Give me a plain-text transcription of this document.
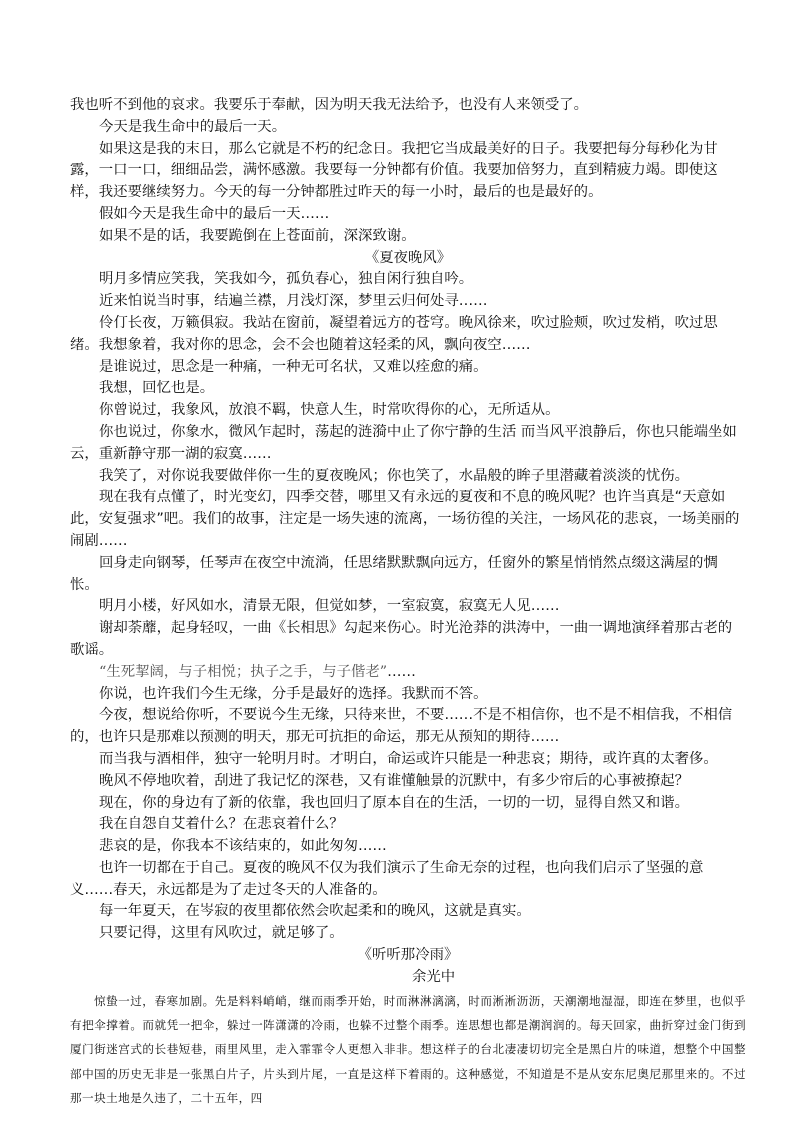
我也听不到他的哀求。我要乐于奉献，因为明天我无法给予，也没有人来领受了。

今天是我生命中的最后一天。

如果这是我的末日，那么它就是不朽的纪念日。我把它当成最美好的日子。我要把每分每秒化为甘露，一口一口，细细品尝，满怀感激。我要每一分钟都有价值。我要加倍努力，直到精疲力竭。即使这样，我还要继续努力。今天的每一分钟都胜过昨天的每一小时，最后的也是最好的。

假如今天是我生命中的最后一天……

如果不是的话，我要跪倒在上苍面前，深深致谢。

《夏夜晚风》

明月多情应笑我，笑我如今，孤负春心，独自闲行独自吟。

近来怕说当时事，结遍兰襟，月浅灯深，梦里云归何处寻……

伶仃长夜，万籁俱寂。我站在窗前，凝望着远方的苍穹。晚风徐来，吹过脸颊，吹过发梢，吹过思绪。我想象着，我对你的思念，会不会也随着这轻柔的风，飘向夜空……

是谁说过，思念是一种痛，一种无可名状，又难以痊愈的痛。

我想，回忆也是。

你曾说过，我象风，放浪不羁，快意人生，时常吹得你的心，无所适从。

你也说过，你象水，微风乍起时，荡起的涟漪中止了你宁静的生活 而当风平浪静后，你也只能端坐如云，重新静守那一湖的寂寞……

我笑了，对你说我要做伴你一生的夏夜晚风；你也笑了，水晶般的眸子里潜藏着淡淡的忧伤。

现在我有点懂了，时光变幻，四季交替，哪里又有永远的夏夜和不息的晚风呢？也许当真是“天意如此，安复强求”吧。我们的故事，注定是一场失速的流离，一场彷徨的关注，一场风花的悲哀，一场美丽的闹剧……

回身走向钢琴，任琴声在夜空中流淌，任思绪默默飘向远方，任窗外的繁星悄悄然点缀这满屋的惆怅。

明月小楼，好风如水，清景无限，但觉如梦，一室寂寞，寂寞无人见……

谢却荼蘼，起身轻叹，一曲《长相思》勾起来伤心。时光沧莽的洪涛中，一曲一调地演绎着那古老的歌谣。

“生死挈阔，与子相悦；执子之手，与子偕老”……

你说，也许我们今生无缘，分手是最好的选择。我默而不答。

今夜，想说给你听，不要说今生无缘，只待来世，不要……不是不相信你，也不是不相信我，不相信的，也许只是那难以预测的明天，那无可抗拒的命运，那无从预知的期待……

而当我与酒相伴，独守一轮明月时。才明白，命运或许只能是一种悲哀；期待，或许真的太奢侈。

晚风不停地吹着，刮进了我记忆的深巷，又有谁懂触景的沉默中，有多少帘后的心事被撩起？

现在，你的身边有了新的依靠，我也回归了原本自在的生活，一切的一切，显得自然又和谐。

我在自怨自艾着什么？在悲哀着什么？

悲哀的是，你我本不该结束的，如此匆匆……

也许一切都在于自己。夏夜的晚风不仅为我们演示了生命无奈的过程，也向我们启示了坚强的意义……春天，永远都是为了走过冬天的人准备的。

每一年夏天，在岑寂的夜里都依然会吹起柔和的晚风，这就是真实。

只要记得，这里有风吹过，就足够了。

《听听那冷雨》

余光中

惊蛰一过，春寒加剧。先是料料峭峭，继而雨季开始，时而淋淋漓漓，时而淅淅沥沥，天潮潮地湿湿，即连在梦里，也似乎有把伞撑着。而就凭一把伞，躲过一阵潇潇的冷雨，也躲不过整个雨季。连思想也都是潮润润的。每天回家，曲折穿过金门街到厦门街迷宫式的长巷短巷，雨里风里，走入霏霏令人更想入非非。想这样子的台北凄凄切切完全是黑白片的味道，想整个中国整部中国的历史无非是一张黑白片子，片头到片尾，一直是这样下着雨的。这种感觉，不知道是不是从安东尼奥尼那里来的。不过那一块土地是久违了，二十五年，四
